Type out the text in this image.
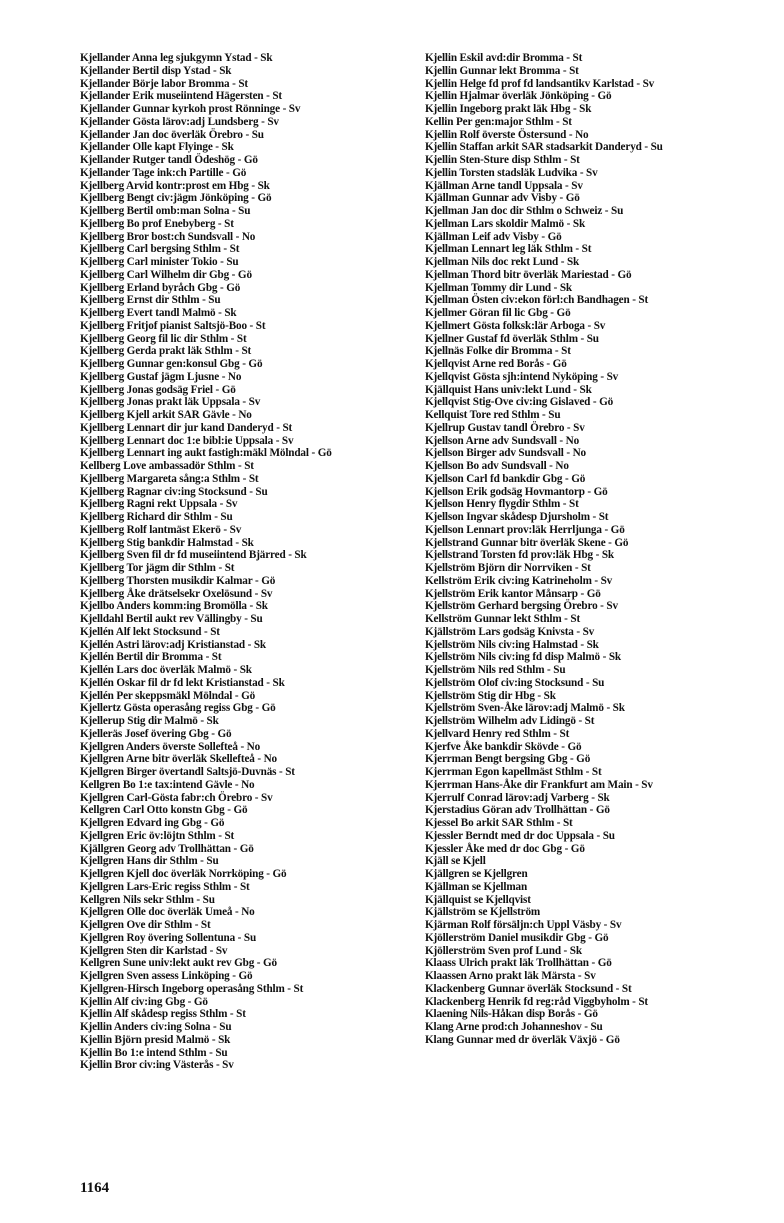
Kjellander Anna leg sjukgymn Ystad - Sk
Kjellander Bertil disp Ystad - Sk
Kjellander Börje labor Bromma - St
Kjellander Erik museiintend Hägersten - St
Kjellander Gunnar kyrkoh prost Rönninge - Sv
Kjellander Gösta lärov:adj Lundsberg - Sv
Kjellander Jan doc överläk Örebro - Su
Kjellander Olle kapt Flyinge - Sk
Kjellander Rutger tandl Ödeshög - Gö
Kjellander Tage ink:ch Partille - Gö
Kjellberg Arvid kontr:prost em Hbg - Sk
Kjellberg Bengt civ:jägm Jönköping - Gö
Kjellberg Bertil omb:man Solna - Su
Kjellberg Bo prof Enebyberg - St
Kjellberg Bror bost:ch Sundsvall - No
Kjellberg Carl bergsing Sthlm - St
Kjellberg Carl minister Tokio - Su
Kjellberg Carl Wilhelm dir Gbg - Gö
Kjellberg Erland byråch Gbg - Gö
Kjellberg Ernst dir Sthlm - Su
Kjellberg Evert tandl Malmö - Sk
Kjellberg Fritjof pianist Saltsjö-Boo - St
Kjellberg Georg fil lic dir Sthlm - St
Kjellberg Gerda prakt läk Sthlm - St
Kjellberg Gunnar gen:konsul Gbg - Gö
Kjellberg Gustaf jägm Ljusne - No
Kjellberg Jonas godsäg Friel - Gö
Kjellberg Jonas prakt läk Uppsala - Sv
Kjellberg Kjell arkit SAR Gävle - No
Kjellberg Lennart dir jur kand Danderyd - St
Kjellberg Lennart doc 1:e bibl:ie Uppsala - Sv
Kjellberg Lennart ing aukt fastigh:mäkl Mölndal - Gö
Kellberg Love ambassadör Sthlm - St
Kjellberg Margareta sång:a Sthlm - St
Kjellberg Ragnar civ:ing Stocksund - Su
Kjellberg Ragni rekt Uppsala - Sv
Kjellberg Richard dir Sthlm - Su
Kjellberg Rolf lantmäst Ekerö - Sv
Kjellberg Stig bankdir Halmstad - Sk
Kjellberg Sven fil dr fd museiintend Bjärred - Sk
Kjellberg Tor jägm dir Sthlm - St
Kjellberg Thorsten musikdir Kalmar - Gö
Kjellberg Åke drätselsekr Oxelösund - Sv
Kjellbo Anders komm:ing Bromölla - Sk
Kjelldahl Bertil aukt rev Vällingby - Su
Kjellén Alf lekt Stocksund - St
Kjellén Astri lärov:adj Kristianstad - Sk
Kjellén Bertil dir Bromma - St
Kjellén Lars doc överläk Malmö - Sk
Kjellén Oskar fil dr fd lekt Kristianstad - Sk
Kjellén Per skeppsmäkl Mölndal - Gö
Kjellertz Gösta operasång regiss Gbg - Gö
Kjellerup Stig dir Malmö - Sk
Kjelleräs Josef övering Gbg - Gö
Kjellgren Anders överste Sollefteå - No
Kjellgren Arne bitr överläk Skellefteå - No
Kjellgren Birger övertandl Saltsjö-Duvnäs - St
Kellgren Bo 1:e tax:intend Gävle - No
Kjellgren Carl-Gösta fabr:ch Örebro - Sv
Kellgren Carl Otto konstn Gbg - Gö
Kjellgren Edvard ing Gbg - Gö
Kjellgren Eric öv:löjtn Sthlm - St
Kjällgren Georg adv Trollhättan - Gö
Kjellgren Hans dir Sthlm - Su
Kjellgren Kjell doc överläk Norrköping - Gö
Kjellgren Lars-Eric regiss Sthlm - St
Kellgren Nils sekr Sthlm - Su
Kjellgren Olle doc överläk Umeå - No
Kjellgren Ove dir Sthlm - St
Kjellgren Roy övering Sollentuna - Su
Kjellgren Sten dir Karlstad - Sv
Kellgren Sune univ:lekt aukt rev Gbg - Gö
Kjellgren Sven assess Linköping - Gö
Kjellgren-Hirsch Ingeborg operasång Sthlm - St
Kjellin Alf civ:ing Gbg - Gö
Kjellin Alf skådesp regiss Sthlm - St
Kjellin Anders civ:ing Solna - Su
Kjellin Björn presid Malmö - Sk
Kjellin Bo 1:e intend Sthlm - Su
Kjellin Bror civ:ing Västerås - Sv
Kjellin Eskil avd:dir Bromma - St
Kjellin Gunnar lekt Bromma - St
Kjellin Helge fd prof fd landsantikv Karlstad - Sv
Kjellin Hjalmar överläk Jönköping - Gö
Kjellin Ingeborg prakt läk Hbg - Sk
Kellin Per gen:major Sthlm - St
Kjellin Rolf överste Östersund - No
Kjellin Staffan arkit SAR stadsarkit Danderyd - Su
Kjellin Sten-Sture disp Sthlm - St
Kjellin Torsten stadsläk Ludvika - Sv
Kjällman Arne tandl Uppsala - Sv
Kjällman Gunnar adv Visby - Gö
Kjellman Jan doc dir Sthlm o Schweiz - Su
Kjellman Lars skoldir Malmö - Sk
Kjällman Leif adv Visby - Gö
Kjellman Lennart leg läk Sthlm - St
Kjellman Nils doc rekt Lund - Sk
Kjellman Thord bitr överläk Mariestad - Gö
Kjellman Tommy dir Lund - Sk
Kjellman Östen civ:ekon förl:ch Bandhagen - St
Kjellmer Göran fil lic Gbg - Gö
Kjellmert Gösta folksk:lär Arboga - Sv
Kjellner Gustaf fd överläk Sthlm - Su
Kjellnäs Folke dir Bromma - St
Kjellqvist Arne red Borås - Gö
Kjellqvist Gösta sjh:intend Nyköping - Sv
Kjällquist Hans univ:lekt Lund - Sk
Kjellqvist Stig-Ove civ:ing Gislaved - Gö
Kellquist Tore red Sthlm - Su
Kjellrup Gustav tandl Örebro - Sv
Kjellson Arne adv Sundsvall - No
Kjellson Birger adv Sundsvall - No
Kjellson Bo adv Sundsvall - No
Kjellson Carl fd bankdir Gbg - Gö
Kjellson Erik godsäg Hovmantorp - Gö
Kjellson Henry flygdir Sthlm - St
Kjellson Ingvar skådesp Djursholm - St
Kjellson Lennart prov:läk Herrljunga - Gö
Kjellstrand Gunnar bitr överläk Skene - Gö
Kjellstrand Torsten fd prov:läk Hbg - Sk
Kjellström Björn dir Norrviken - St
Kellström Erik civ:ing Katrineholm - Sv
Kjellström Erik kantor Månsarp - Gö
Kjellström Gerhard bergsing Örebro - Sv
Kellström Gunnar lekt Sthlm - St
Kjällström Lars godsäg Knivsta - Sv
Kjellström Nils civ:ing Halmstad - Sk
Kjellström Nils civ:ing fd disp Malmö - Sk
Kjellström Nils red Sthlm - Su
Kjellström Olof civ:ing Stocksund - Su
Kjellström Stig dir Hbg - Sk
Kjellström Sven-Åke lärov:adj Malmö - Sk
Kjellström Wilhelm adv Lidingö - St
Kjellvard Henry red Sthlm - St
Kjerfve Åke bankdir Skövde - Gö
Kjerrman Bengt bergsing Gbg - Gö
Kjerrman Egon kapellmäst Sthlm - St
Kjerrman Hans-Åke dir Frankfurt am Main - Sv
Kjerrulf Conrad lärov:adj Varberg - Sk
Kjerstadius Göran adv Trollhättan - Gö
Kjessel Bo arkit SAR Sthlm - St
Kjessler Berndt med dr doc Uppsala - Su
Kjessler Åke med dr doc Gbg - Gö
Kjäll se Kjell
Kjällgren se Kjellgren
Kjällman se Kjellman
Kjällquist se Kjellqvist
Kjällström se Kjellström
Kjärman Rolf försäljn:ch Uppl Väsby - Sv
Kjöllerström Daniel musikdir Gbg - Gö
Kjöllerström Sven prof Lund - Sk
Klaass Ulrich prakt läk Trollhättan - Gö
Klaassen Arno prakt läk Märsta - Sv
Klackenberg Gunnar överläk Stocksund - St
Klackenberg Henrik fd reg:råd Viggbyholm - St
Klaening Nils-Håkan disp Borås - Gö
Klang Arne prod:ch Johanneshov - Su
Klang Gunnar med dr överläk Växjö - Gö
1164
